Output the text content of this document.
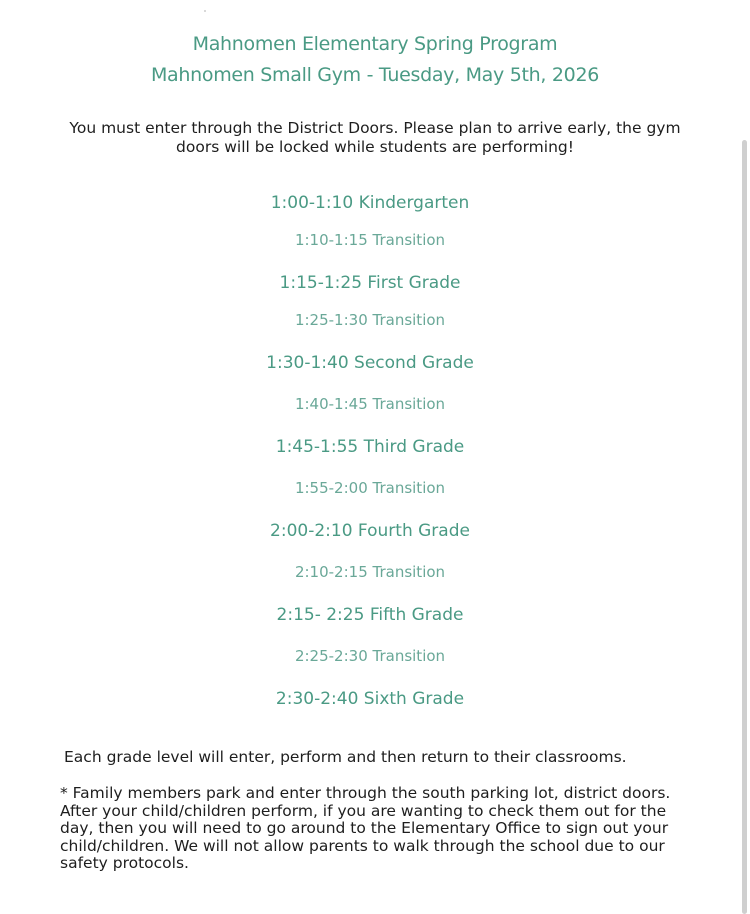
Mahnomen Elementary Spring Program
Mahnomen Small Gym - Tuesday, May 5th, 2026
You must enter through the District Doors. Please plan to arrive early, the gym doors will be locked while students are performing!
1:00-1:10 Kindergarten
1:10-1:15 Transition
1:15-1:25 First Grade
1:25-1:30 Transition
1:30-1:40 Second Grade
1:40-1:45 Transition
1:45-1:55 Third Grade
1:55-2:00 Transition
2:00-2:10 Fourth Grade
2:10-2:15 Transition
2:15- 2:25 Fifth Grade
2:25-2:30 Transition
2:30-2:40 Sixth Grade
Each grade level will enter, perform and then return to their classrooms.
* Family members park and enter through the south parking lot, district doors. After your child/children perform, if you are wanting to check them out for the day, then you will need to go around to the Elementary Office to sign out your child/children. We will not allow parents to walk through the school due to our safety protocols.
